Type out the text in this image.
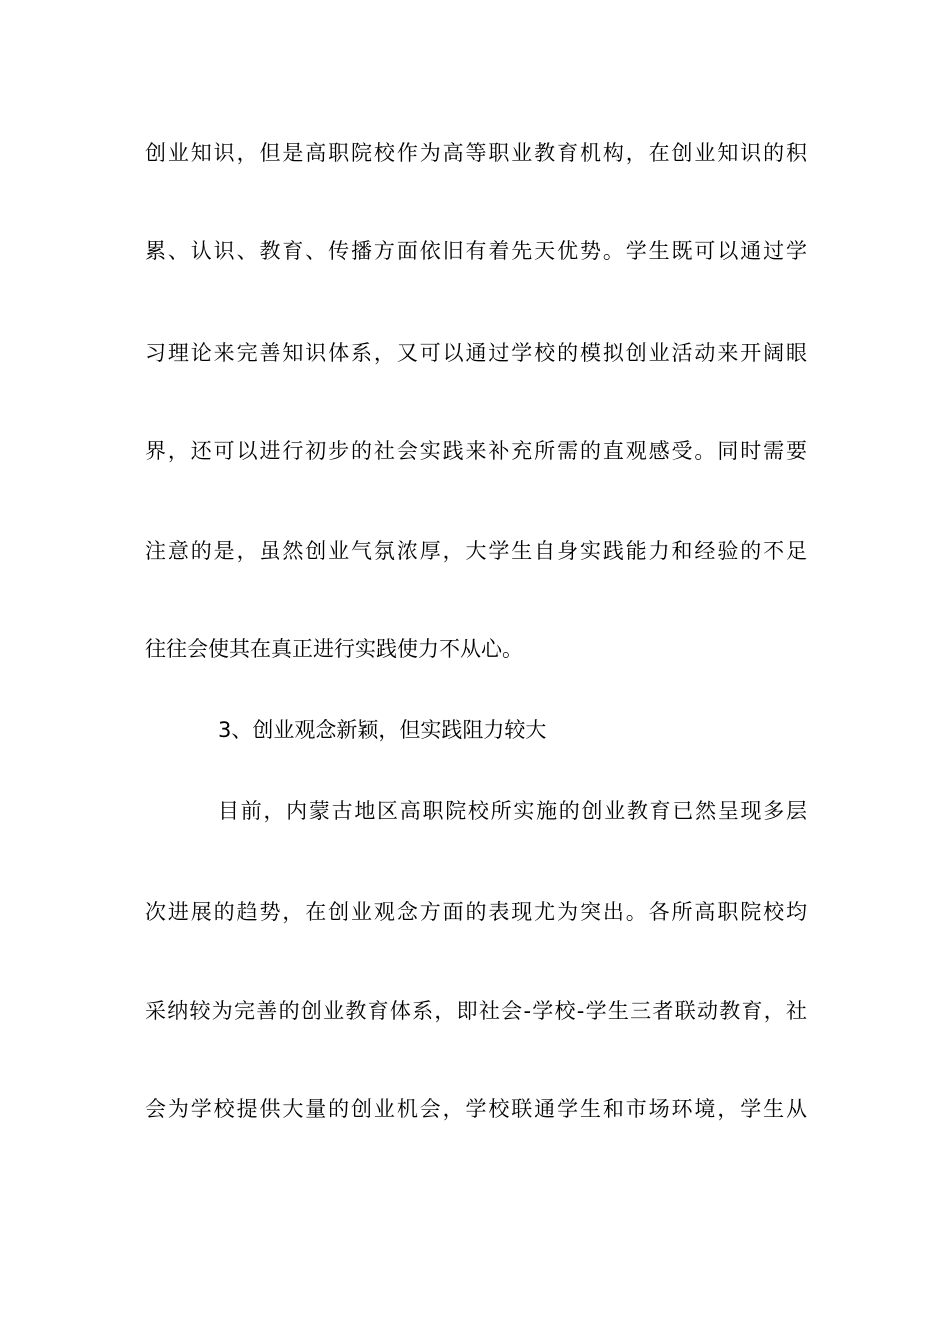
创业知识，但是高职院校作为高等职业教育机构，在创业知识的积
累、认识、教育、传播方面依旧有着先天优势。学生既可以通过学
习理论来完善知识体系，又可以通过学校的模拟创业活动来开阔眼
界，还可以进行初步的社会实践来补充所需的直观感受。同时需要
注意的是，虽然创业气氛浓厚，大学生自身实践能力和经验的不足
往往会使其在真正进行实践使力不从心。
3、创业观念新颖，但实践阻力较大
目前，内蒙古地区高职院校所实施的创业教育已然呈现多层
次进展的趋势，在创业观念方面的表现尤为突出。各所高职院校均
采纳较为完善的创业教育体系，即社会-学校-学生三者联动教育，社
会为学校提供大量的创业机会，学校联通学生和市场环境，学生从
